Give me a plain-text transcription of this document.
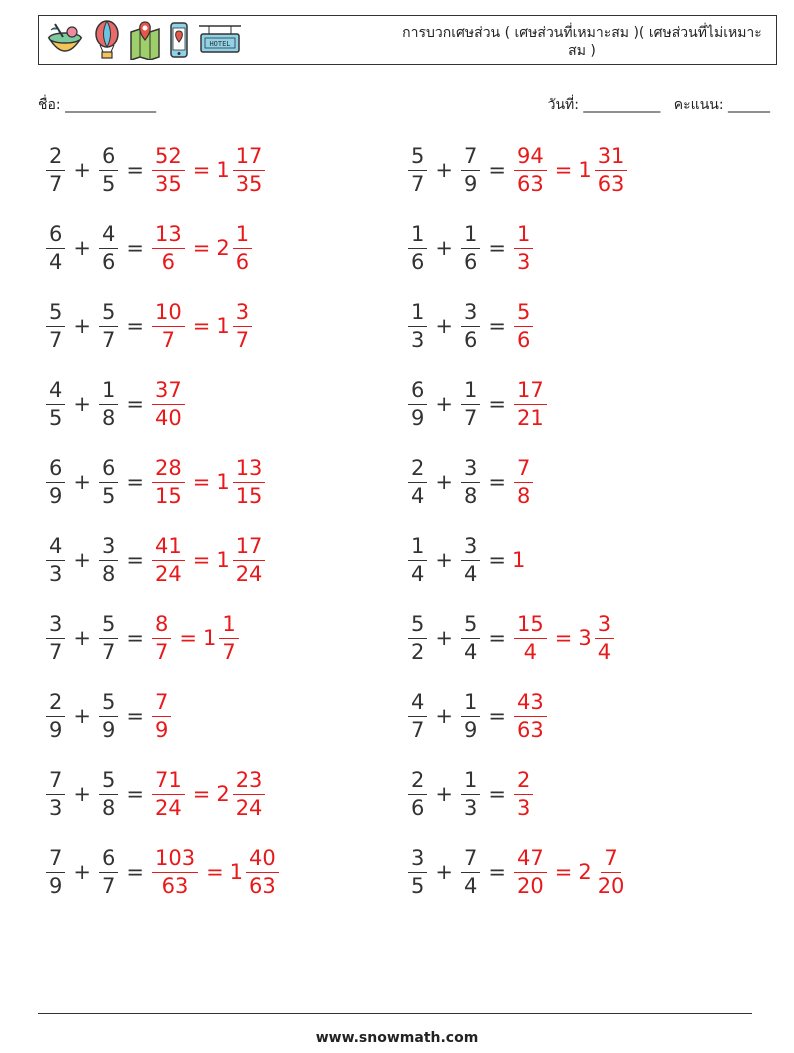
HOTEL
การบวกเศษส่วน ( เศษส่วนที่เหมาะสม )( เศษส่วนที่ไม่เหมาะสม )
ชื่อ: _____________	วันที่: ___________ คะแนน: ______
$\frac{2}{7} + \frac{6}{5} = \frac{52}{35} = 1 \frac{17}{35}$	$\frac{5}{7} + \frac{7}{9} = \frac{94}{63} = 1 \frac{31}{63}$
$\frac{6}{4} + \frac{4}{6} = \frac{13}{6} = 2 \frac{1}{6}$	$\frac{1}{6} + \frac{1}{6} = \frac{1}{3}$
$\frac{5}{7} + \frac{5}{7} = \frac{10}{7} = 1 \frac{3}{7}$	$\frac{1}{3} + \frac{3}{6} = \frac{5}{6}$
$\frac{4}{5} + \frac{1}{8} = \frac{37}{40}$	$\frac{6}{9} + \frac{1}{7} = \frac{17}{21}$
$\frac{6}{9} + \frac{6}{5} = \frac{28}{15} = 1 \frac{13}{15}$	$\frac{2}{4} + \frac{3}{8} = \frac{7}{8}$
$\frac{4}{3} + \frac{3}{8} = \frac{41}{24} = 1 \frac{17}{24}$	$\frac{1}{4} + \frac{3}{4} = 1$
$\frac{3}{7} + \frac{5}{7} = \frac{8}{7} = 1 \frac{1}{7}$	$\frac{5}{2} + \frac{5}{4} = \frac{15}{4} = 3 \frac{3}{4}$
$\frac{2}{9} + \frac{5}{9} = \frac{7}{9}$	$\frac{4}{7} + \frac{1}{9} = \frac{43}{63}$
$\frac{7}{3} + \frac{5}{8} = \frac{71}{24} = 2 \frac{23}{24}$	$\frac{2}{6} + \frac{1}{3} = \frac{2}{3}$
$\frac{7}{9} + \frac{6}{7} = \frac{103}{63} = 1 \frac{40}{63}$	$\frac{3}{5} + \frac{7}{4} = \frac{47}{20} = 2 \frac{7}{20}$
www.snowmath.com
